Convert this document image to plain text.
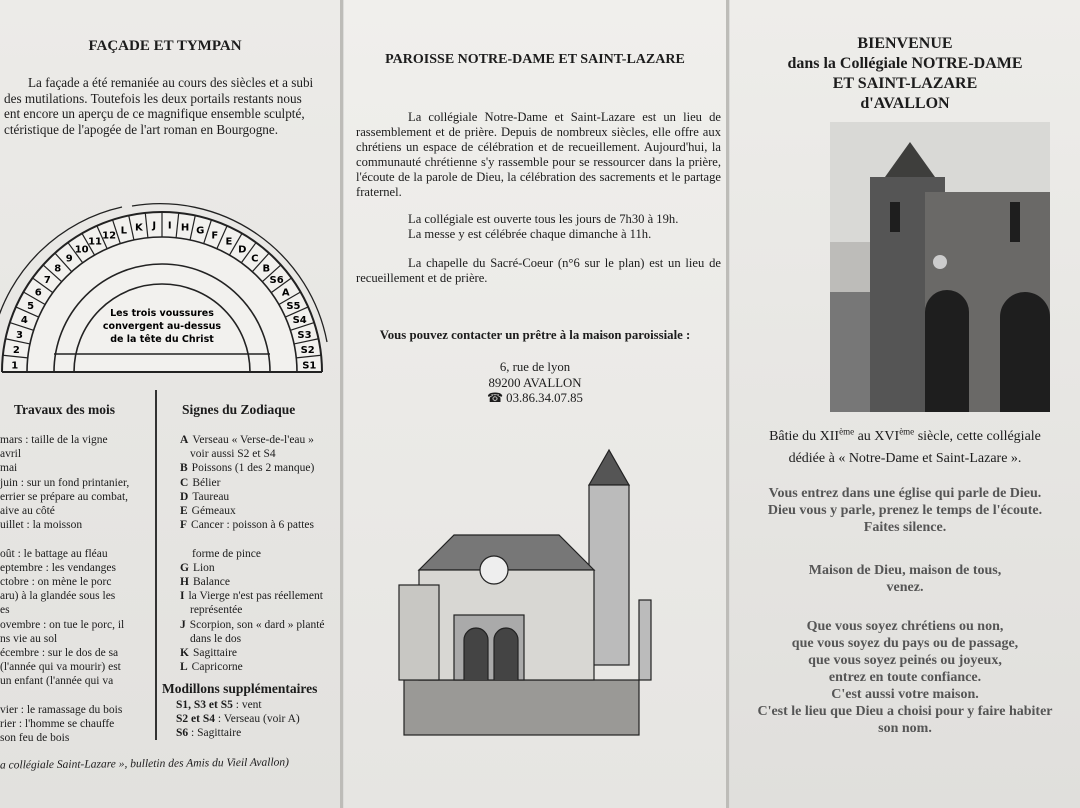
FAÇADE ET TYMPAN

La façade a été remaniée au cours des siècles et a subi

des mutilations. Toutefois les deux portails restants nous

ent encore un aperçu de ce magnifique ensemble sculpté,

ctéristique de l'apogée de l'art roman en Bourgogne.

1
2
3
4
5
6
7
8
9
10
11
12 L K J I H G F
E
D
C
B
S6
A
S5
S4
S3
S2
S1
Les trois voussures
convergent au-dessus
de la tête du Christ
Travaux des mois
mars : taille de la vigne
avril
mai
juin : sur un fond printanier,
errier se prépare au combat,
aive au côté
uillet : la moisson

oût : le battage au fléau
eptembre : les vendanges
ctobre : on mène le porc
aru) à la glandée sous les
es
ovembre : on tue le porc, il
ns vie au sol
écembre : sur le dos de sa
(l'année qui va mourir) est
un enfant (l'année qui va

vier : le ramassage du bois
rier : l'homme se chauffe
son feu de bois
Signes du Zodiaque
A Verseau « Verse-de-l'eau »
voir aussi S2 et S4
B Poissons (1 des 2 manque)
C Bélier
D Taureau
E Gémeaux
F Cancer : poisson à 6 pattes

forme de pince
G Lion
H Balance
I la Vierge n'est pas réellement
représentée
J Scorpion, son « dard » planté
dans le dos
K Sagittaire
L Capricorne
Modillons supplémentaires
S1, S3 et S5 : vent
S2 et S4 : Verseau (voir A)
S6 : Sagittaire
a collégiale Saint-Lazare », bulletin des Amis du Vieil Avallon)
PAROISSE NOTRE-DAME ET SAINT-LAZARE

La collégiale Notre-Dame et Saint-Lazare est un lieu de rassemblement et de prière. Depuis de nombreux siècles, elle offre aux chrétiens un espace de célébration et de recueillement. Aujourd'hui, la communauté chrétienne s'y rassemble pour se ressourcer dans la prière, l'écoute de la parole de Dieu, la célébration des sacrements et le partage fraternel.

La collégiale est ouverte tous les jours de 7h30 à 19h.

La messe y est célébrée chaque dimanche à 11h.

La chapelle du Sacré-Coeur (n°6 sur le plan) est un lieu de recueillement et de prière.

Vous pouvez contacter un prêtre à la maison paroissiale :
6, rue de lyon
89200 AVALLON
☎ 03.86.34.07.85
BIENVENUE
dans la Collégiale NOTRE-DAME
ET SAINT-LAZARE
d'AVALLON
Bâtie du XIIème au XVIème siècle, cette collégiale
dédiée à « Notre-Dame et Saint-Lazare ».
Vous entrez dans une église qui parle de Dieu.
Dieu vous y parle, prenez le temps de l'écoute.
Faites silence.
Maison de Dieu, maison de tous,
venez.
Que vous soyez chrétiens ou non,
que vous soyez du pays ou de passage,
que vous soyez peinés ou joyeux,
entrez en toute confiance.
C'est aussi votre maison.
C'est le lieu que Dieu a choisi pour y faire habiter
son nom.
